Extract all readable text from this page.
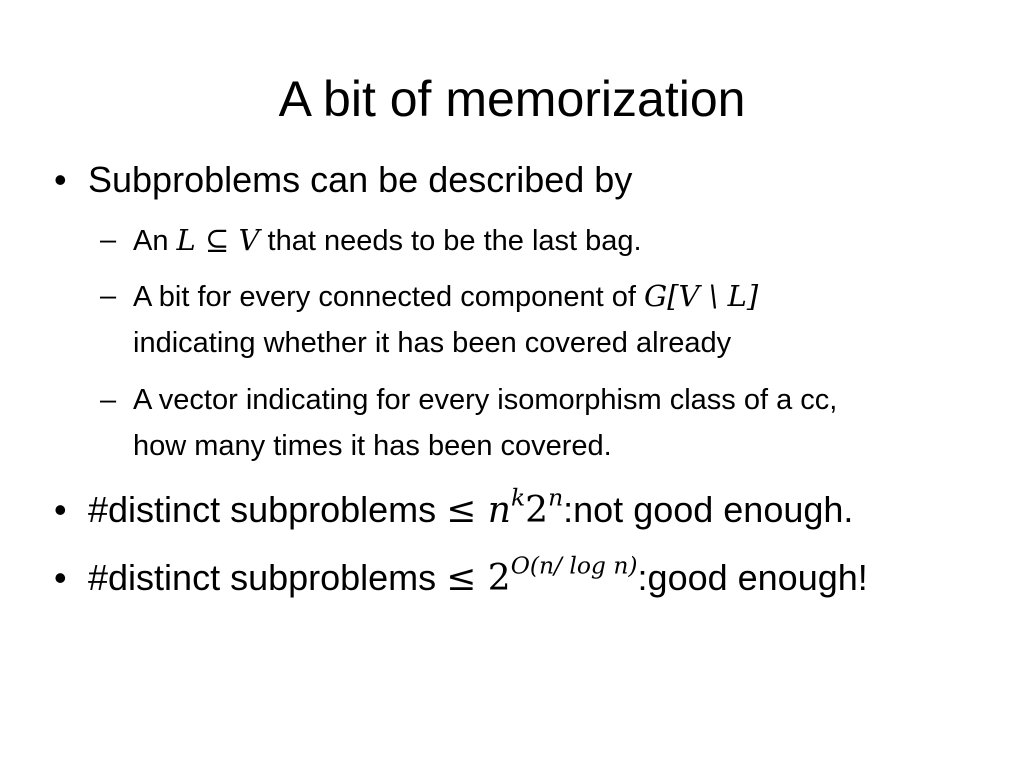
A bit of memorization
• Subproblems can be described by
– An L ⊆ V that needs to be the last bag.
– A bit for every connected component of G[V \ L]
indicating whether it has been covered already
– A vector indicating for every isomorphism class of a cc,
how many times it has been covered.
• #distinct subproblems ≤ $n^k2^n:not$ good enough.
• #distinct subproblems ≤ $2^{O(n/ log n)}:good$ enough!
